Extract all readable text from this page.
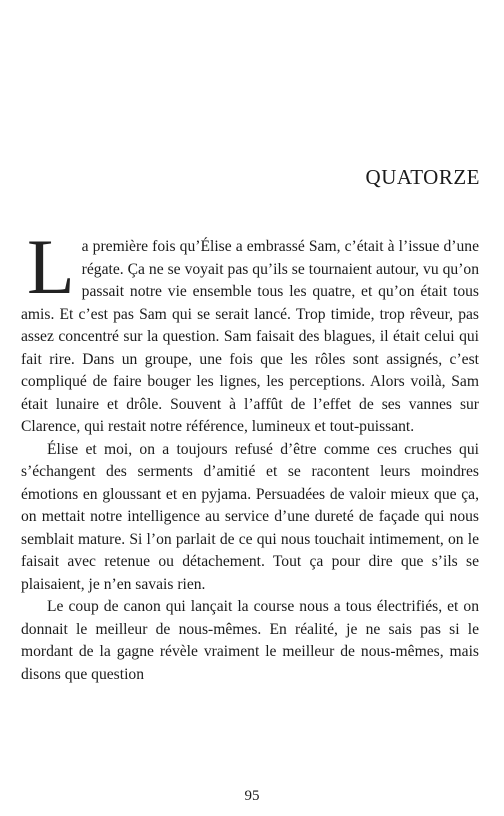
QUATORZE

La première fois qu’Élise a embrassé Sam, c’était à l’issue d’une régate. Ça ne se voyait pas qu’ils se tournaient autour, vu qu’on passait notre vie ensemble tous les quatre, et qu’on était tous amis. Et c’est pas Sam qui se serait lancé. Trop timide, trop rêveur, pas assez concentré sur la question. Sam faisait des blagues, il était celui qui fait rire. Dans un groupe, une fois que les rôles sont assignés, c’est compliqué de faire bouger les lignes, les perceptions. Alors voilà, Sam était lunaire et drôle. Souvent à l’affût de l’effet de ses vannes sur Clarence, qui restait notre référence, lumineux et tout-puissant.

Élise et moi, on a toujours refusé d’être comme ces cruches qui s’échangent des serments d’amitié et se racontent leurs moindres émotions en gloussant et en pyjama. Persuadées de valoir mieux que ça, on mettait notre intelligence au service d’une dureté de façade qui nous semblait mature. Si l’on parlait de ce qui nous touchait intimement, on le faisait avec retenue ou détachement. Tout ça pour dire que s’ils se plaisaient, je n’en savais rien.

Le coup de canon qui lançait la course nous a tous électrifiés, et on donnait le meilleur de nous-mêmes. En réalité, je ne sais pas si le mordant de la gagne révèle vraiment le meilleur de nous-mêmes, mais disons que question

95
